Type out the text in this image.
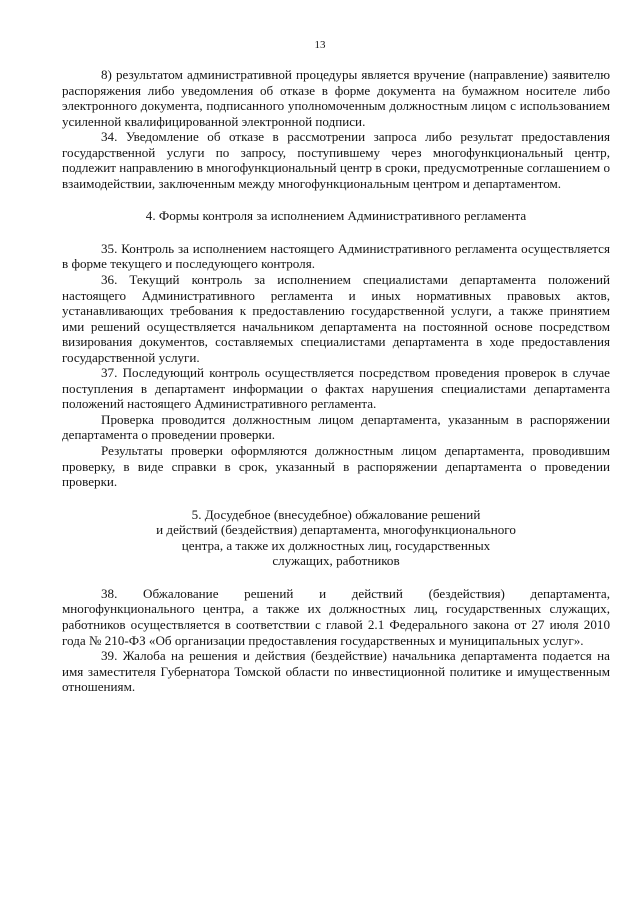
13

8) результатом административной процедуры является вручение (направление) заявителю распоряжения либо уведомления об отказе в форме документа на бумажном носителе либо электронного документа, подписанного уполномоченным должностным лицом с использованием усиленной квалифицированной электронной подписи.

34. Уведомление об отказе в рассмотрении запроса либо результат предоставления государственной услуги по запросу, поступившему через многофункциональный центр, подлежит направлению в многофункциональный центр в сроки, предусмотренные соглашением о взаимодействии, заключенным между многофункциональным центром и департаментом.

4. Формы контроля за исполнением Административного регламента

35. Контроль за исполнением настоящего Административного регламента осуществляется в форме текущего и последующего контроля.

36. Текущий контроль за исполнением специалистами департамента положений настоящего Административного регламента и иных нормативных правовых актов, устанавливающих требования к предоставлению государственной услуги, а также принятием ими решений осуществляется начальником департамента на постоянной основе посредством визирования документов, составляемых специалистами департамента в ходе предоставления государственной услуги.

37. Последующий контроль осуществляется посредством проведения проверок в случае поступления в департамент информации о фактах нарушения специалистами департамента положений настоящего Административного регламента.

Проверка проводится должностным лицом департамента, указанным в распоряжении департамента о проведении проверки.

Результаты проверки оформляются должностным лицом департамента, проводившим проверку, в виде справки в срок, указанный в распоряжении департамента о проведении проверки.

5. Досудебное (внесудебное) обжалование решений
и действий (бездействия) департамента, многофункционального
центра, а также их должностных лиц, государственных
служащих, работников

38. Обжалование решений и действий (бездействия) департамента, многофункционального центра, а также их должностных лиц, государственных служащих, работников осуществляется в соответствии с главой 2.1 Федерального закона от 27 июля 2010 года № 210-ФЗ «Об организации предоставления государственных и муниципальных услуг».

39. Жалоба на решения и действия (бездействие) начальника департамента подается на имя заместителя Губернатора Томской области по инвестиционной политике и имущественным отношениям.
